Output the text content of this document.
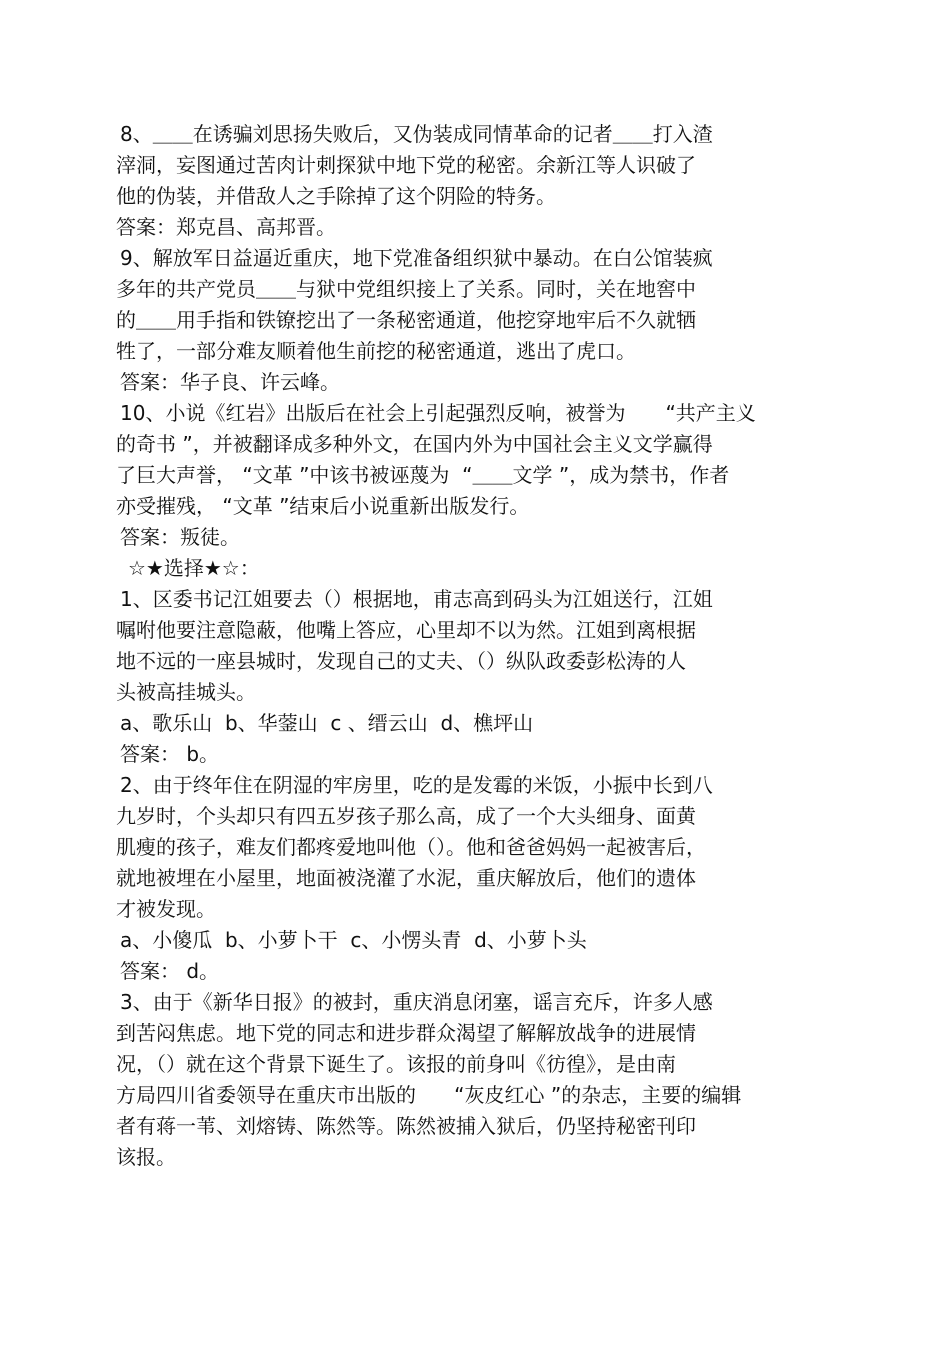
8、＿＿在诱骗刘思扬失败后，又伪装成同情革命的记者＿＿打入渣
滓洞，妄图通过苦肉计刺探狱中地下党的秘密。余新江等人识破了
他的伪装，并借敌人之手除掉了这个阴险的特务。
答案：郑克昌、高邦晋。
9、解放军日益逼近重庆，地下党准备组织狱中暴动。在白公馆装疯
多年的共产党员＿＿与狱中党组织接上了关系。同时，关在地窖中
的＿＿用手指和铁镣挖出了一条秘密通道，他挖穿地牢后不久就牺
牲了，一部分难友顺着他生前挖的秘密通道，逃出了虎口。
答案：华子良、许云峰。
10、小说《红岩》出版后在社会上引起强烈反响，被誉为　　“共产主义
的奇书 ”，并被翻译成多种外文，在国内外为中国社会主义文学赢得
了巨大声誉， “文革 ”中该书被诬蔑为  “＿＿文学 ”，成为禁书，作者
亦受摧残， “文革 ”结束后小说重新出版发行。
答案：叛徒。
☆★选择★☆：
1、区委书记江姐要去（）根据地，甫志高到码头为江姐送行，江姐
嘱咐他要注意隐蔽，他嘴上答应，心里却不以为然。江姐到离根据
地不远的一座县城时，发现自己的丈夫、（）纵队政委彭松涛的人
头被高挂城头。
a、歌乐山  b、华蓥山  c 、缙云山  d、樵坪山
答案： b。
2、由于终年住在阴湿的牢房里，吃的是发霉的米饭，小振中长到八
九岁时，个头却只有四五岁孩子那么高，成了一个大头细身、面黄
肌瘦的孩子，难友们都疼爱地叫他（）。他和爸爸妈妈一起被害后，
就地被埋在小屋里，地面被浇灌了水泥，重庆解放后，他们的遗体
才被发现。
a、小傻瓜  b、小萝卜干  c、小愣头青  d、小萝卜头
答案： d。
3、由于《新华日报》的被封，重庆消息闭塞，谣言充斥，许多人感
到苦闷焦虑。地下党的同志和进步群众渴望了解解放战争的进展情
况，（）就在这个背景下诞生了。该报的前身叫《彷徨》，是由南
方局四川省委领导在重庆市出版的      “灰皮红心 ”的杂志，主要的编辑
者有蒋一苇、刘熔铸、陈然等。陈然被捕入狱后，仍坚持秘密刊印
该报。
